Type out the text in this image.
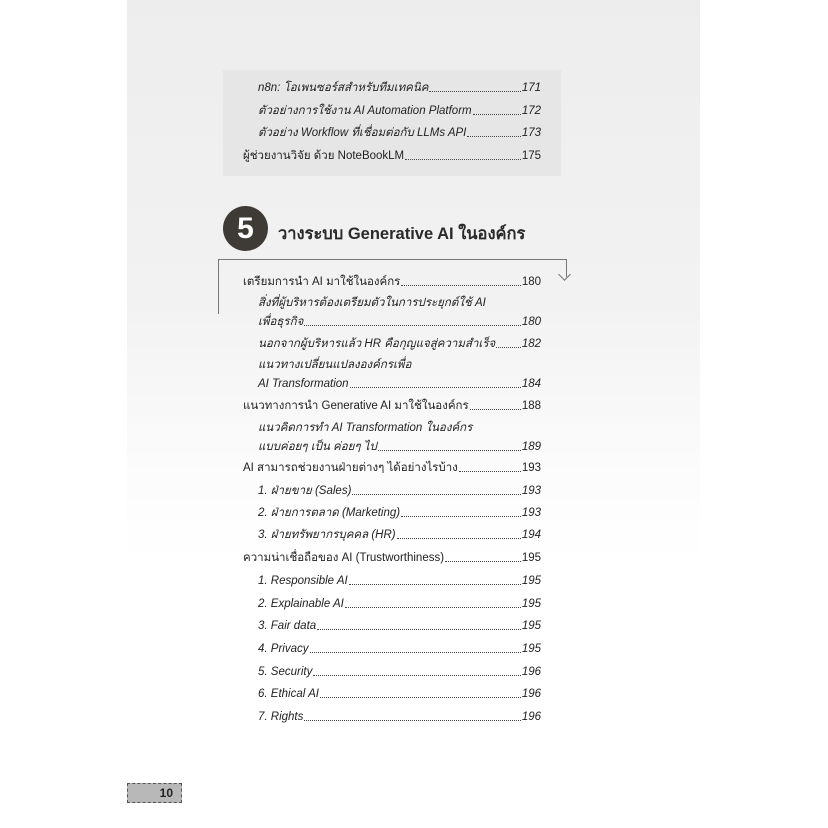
n8n: โอเพนซอร์สสำหรับทีมเทคนิค	171
ตัวอย่างการใช้งาน AI Automation Platform	172
ตัวอย่าง Workflow ที่เชื่อมต่อกับ LLMs API	173
ผู้ช่วยงานวิจัย ด้วย NoteBookLM	175
5	วางระบบ Generative AI ในองค์กร
เตรียมการนำ AI มาใช้ในองค์กร	180
สิ่งที่ผู้บริหารต้องเตรียมตัวในการประยุกต์ใช้ AI
เพื่อธุรกิจ	180
นอกจากผู้บริหารแล้ว HR คือกุญแจสู่ความสำเร็จ 182
แนวทางเปลี่ยนแปลงองค์กรเพื่อ
AI Transformation	184
แนวทางการนำ Generative AI มาใช้ในองค์กร	188
แนวคิดการทำ AI Transformation ในองค์กร
แบบค่อยๆ เป็น ค่อยๆ ไป	189
AI สามารถช่วยงานฝ่ายต่างๆ ได้อย่างไรบ้าง	193
1. ฝ่ายขาย (Sales)	193
2. ฝ่ายการตลาด (Marketing)	193
3. ฝ่ายทรัพยากรบุคคล (HR)	194
ความน่าเชื่อถือของ AI (Trustworthiness)	195
1. Responsible AI	195
2. Explainable AI	195
3. Fair data	195
4. Privacy	195
5. Security	196
6. Ethical AI	196
7. Rights	196
10
